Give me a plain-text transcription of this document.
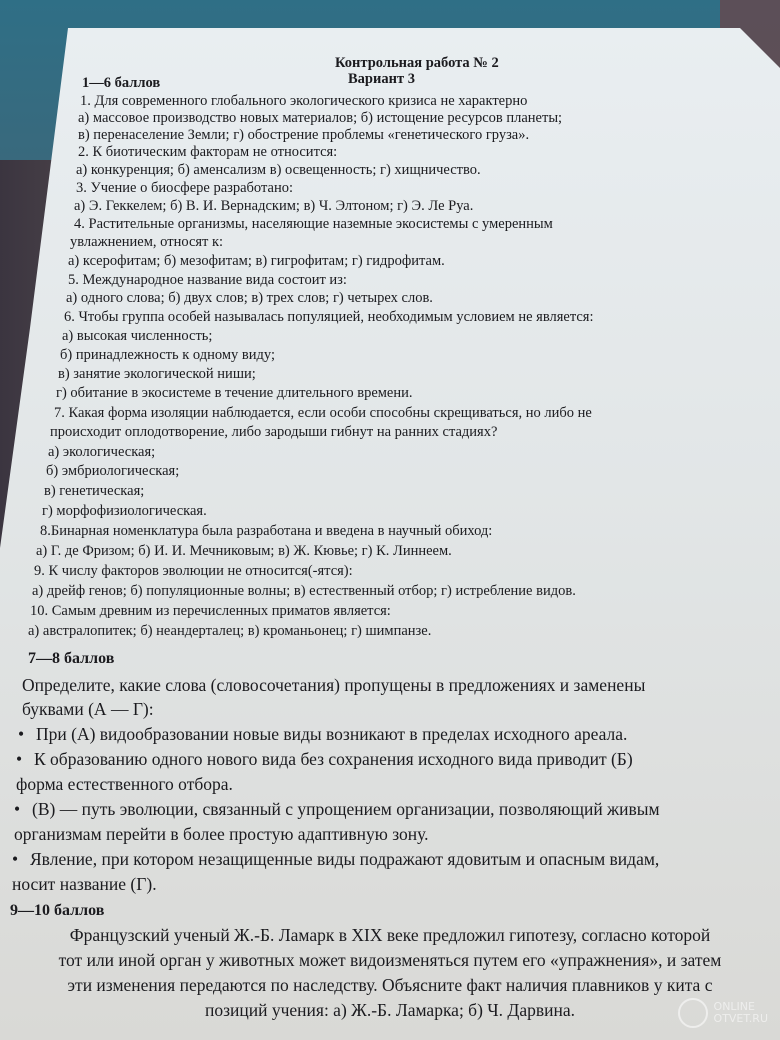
Контрольная работа № 2
Вариант 3
1—6 баллов
1. Для современного глобального экологического кризиса не характерно
а) массовое производство новых материалов; б) истощение ресурсов планеты;
в) перенаселение Земли; г) обострение проблемы «генетического груза».
2. К биотическим факторам не относится:
а) конкуренция; б) аменсализм в) освещенность; г) хищничество.
3. Учение о биосфере разработано:
а) Э. Геккелем; б) В. И. Вернадским; в) Ч. Элтоном; г) Э. Ле Руа.
4. Растительные организмы, населяющие наземные экосистемы с умеренным
увлажнением, относят к:
а) ксерофитам; б) мезофитам; в) гигрофитам; г) гидрофитам.
5. Международное название вида состоит из:
а) одного слова; б) двух слов; в) трех слов; г) четырех слов.
6. Чтобы группа особей называлась популяцией, необходимым условием не является:
а) высокая численность;
б) принадлежность к одному виду;
в) занятие экологической ниши;
г) обитание в экосистеме в течение длительного времени.
7. Какая форма изоляции наблюдается, если особи способны скрещиваться, но либо не
происходит оплодотворение, либо зародыши гибнут на ранних стадиях?
а) экологическая;
б) эмбриологическая;
в) генетическая;
г) морфофизиологическая.
8.Бинарная номенклатура была разработана и введена в научный обиход:
а) Г. де Фризом; б) И. И. Мечниковым; в) Ж. Кювье; г) К. Линнеем.
9. К числу факторов эволюции не относится(-ятся):
а) дрейф генов; б) популяционные волны; в) естественный отбор; г) истребление видов.
10. Самым древним из перечисленных приматов является:
а) австралопитек; б) неандерталец; в) кроманьонец; г) шимпанзе.
7—8 баллов
Определите, какие слова (словосочетания) пропущены в предложениях и заменены
буквами (А — Г):
• При (А) видообразовании новые виды возникают в пределах исходного ареала.
• К образованию одного нового вида без сохранения исходного вида приводит (Б)
форма естественного отбора.
• (В) — путь эволюции, связанный с упрощением организации, позволяющий живым
организмам перейти в более простую адаптивную зону.
• Явление, при котором незащищенные виды подражают ядовитым и опасным видам,
носит название (Г).
9—10 баллов
Французский ученый Ж.-Б. Ламарк в XIX веке предложил гипотезу, согласно которой
тот или иной орган у животных может видоизменяться путем его «упражнения», и затем
эти изменения передаются по наследству. Объясните факт наличия плавников у кита с
позиций учения: а) Ж.-Б. Ламарка; б) Ч. Дарвина.	ONLINE
OTVET.RU
